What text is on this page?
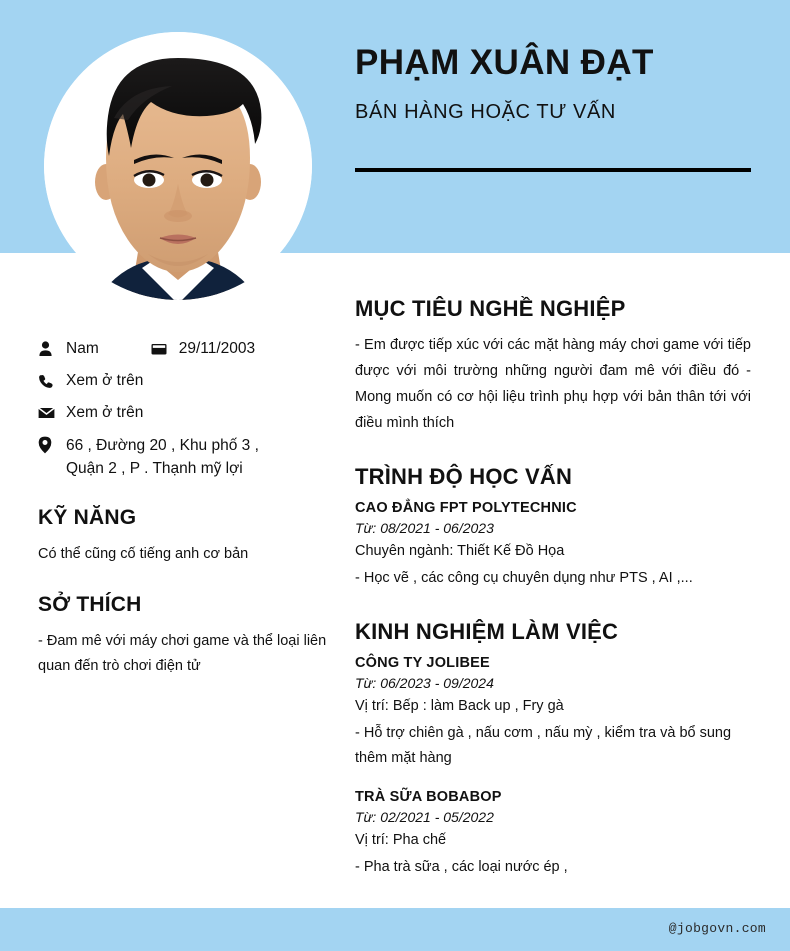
PHẠM XUÂN ĐẠT
BÁN HÀNG HOẶC TƯ VẤN
Nam	29/11/2003
Xem ở trên
Xem ở trên
66 , Đường 20 , Khu phố 3 ,
Quận 2 , P . Thạnh mỹ lợi
KỸ NĂNG
Có thể cũng cố tiếng anh cơ bản
SỞ THÍCH
- Đam mê với máy chơi game và thể loại liên quan đến trò chơi điện tử
MỤC TIÊU NGHỀ NGHIỆP
- Em được tiếp xúc với các mặt hàng máy chơi game với tiếp được với môi trường những người đam mê với điều đó - Mong muốn có cơ hội liệu trình phụ hợp với bản thân tới với điều mình thích
TRÌNH ĐỘ HỌC VẤN
CAO ĐẲNG FPT POLYTECHNIC
Từ: 08/2021 - 06/2023
Chuyên ngành: Thiết Kế Đồ Họa
- Học vẽ , các công cụ chuyên dụng như PTS , AI ,...
KINH NGHIỆM LÀM VIỆC
CÔNG TY JOLIBEE
Từ: 06/2023 - 09/2024
Vị trí: Bếp : làm Back up , Fry gà
- Hỗ trợ chiên gà , nấu cơm , nấu mỳ , kiểm tra và bổ sung thêm mặt hàng
TRÀ SỮA BOBABOP
Từ: 02/2021 - 05/2022
Vị trí: Pha chế
- Pha trà sữa , các loại nước ép ,
@jobgovn.com
